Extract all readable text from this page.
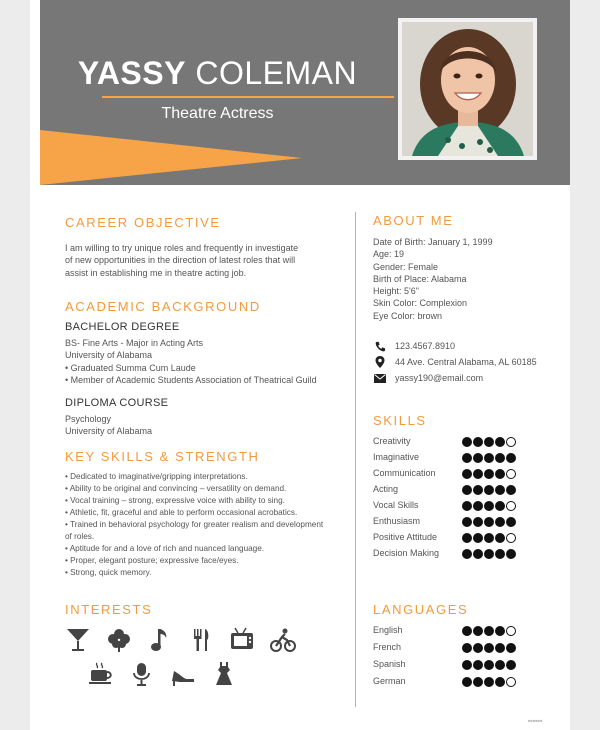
YASSY COLEMAN
Theatre Actress
CAREER OBJECTIVE
I am willing to try unique roles and frequently in investigate
of new opportunities in the direction of latest roles that will
assist in establishing me in theatre acting job.
ACADEMIC BACKGROUND
BACHELOR DEGREE
BS- Fine Arts - Major in Acting Arts
University of Alabama
• Graduated Summa Cum Laude
• Member of Academic Students Association of Theatrical Guild
DIPLOMA COURSE
Psychology
University of Alabama
KEY SKILLS & STRENGTH
• Dedicated to imaginative/gripping interpretations.
• Ability to be original and convincing – versatility on demand.
• Vocal training – strong, expressive voice with ability to sing.
• Athletic, fit, graceful and able to perform occasional acrobatics.
• Trained in behavioral psychology for greater realism and development
of roles.
• Aptitude for and a love of rich and nuanced language.
• Proper, elegant posture; expressive face/eyes.
• Strong, quick memory.
INTERESTS
ABOUT ME
Date of Birth: January 1, 1999
Age: 19
Gender: Female
Birth of Place: Alabama
Height: 5'6"
Skin Color: Complexion
Eye Color: brown
123.4567.8910
44 Ave. Central Alabama, AL 60185
yassy190@email.com
SKILLS
Creativity
Imaginative
Communication
Acting
Vocal Skills
Enthusiasm
Positive Attitude
Decision Making
LANGUAGES
English
French
Spanish
German
■■■■■■
